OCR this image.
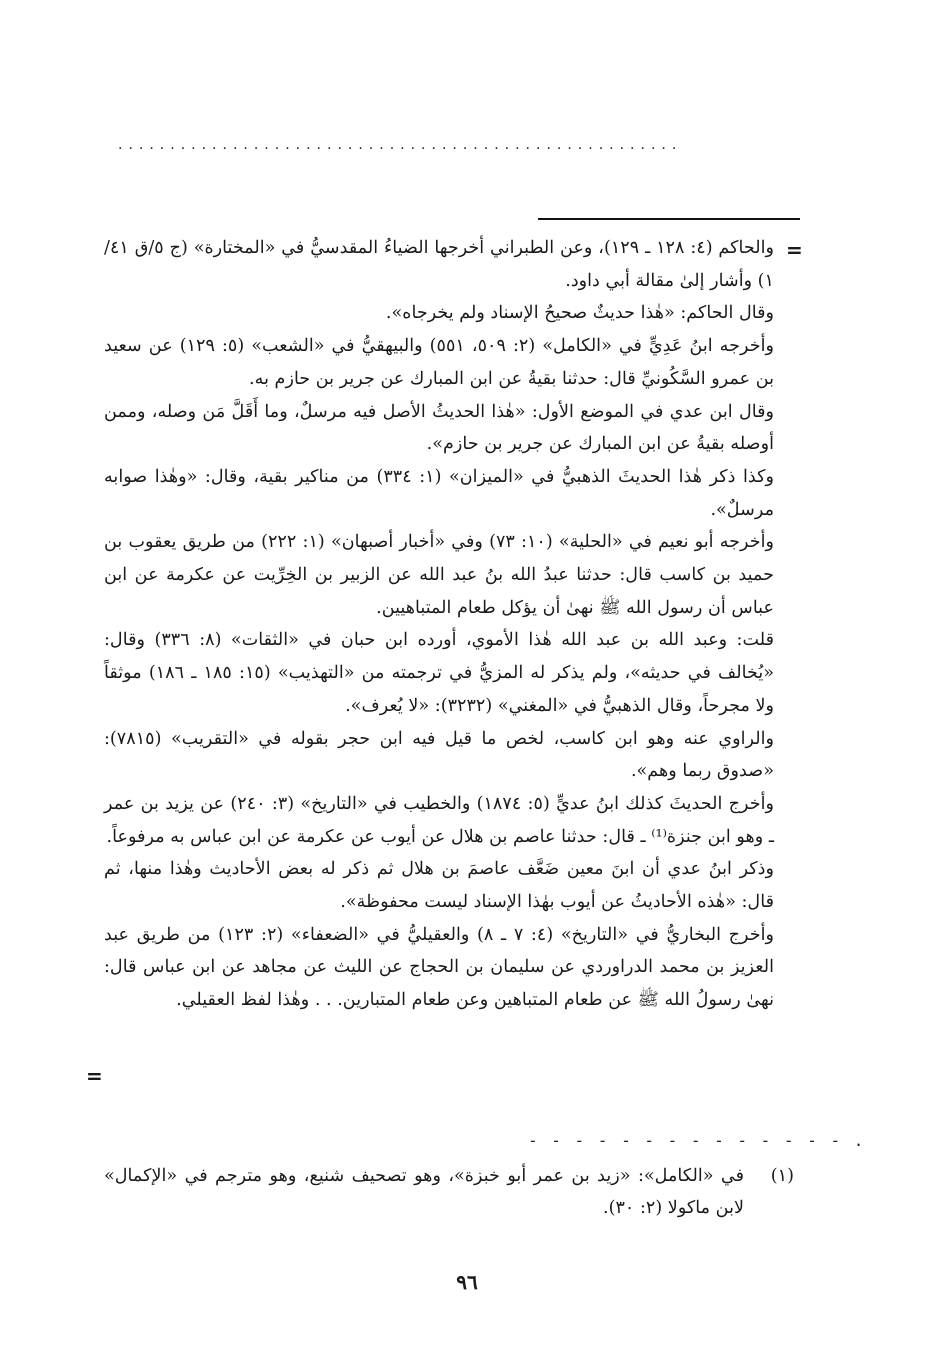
......................................................
=

والحاكم (٤: ١٢٨ ـ ١٢٩)، وعن الطبراني أخرجها الضياءُ المقدسيُّ في «المختارة» (ج ٥/ق ٤١/ ١) وأشار إلىٰ مقالة أبي داود.

وقال الحاكم: «هٰذا حديثٌ صحيحُ الإسناد ولم يخرجاه».

وأخرجه ابنُ عَدِيٍّ في «الكامل» (٢: ٥٠٩، ٥٥١) والبيهقيُّ في «الشعب» (٥: ١٢٩) عن سعيد بن عمرو السَّكُونيِّ قال: حدثنا بقيةُ عن ابن المبارك عن جرير بن حازم به.

وقال ابن عدي في الموضع الأول: «هٰذا الحديثُ الأصل فيه مرسلٌ، وما أَقَلَّ مَن وصله، وممن أوصله بقيةُ عن ابن المبارك عن جرير بن حازم».

وكذا ذكر هٰذا الحديثَ الذهبيُّ في «الميزان» (١: ٣٣٤) من مناكير بقية، وقال: «وهٰذا صوابه مرسلٌ».

وأخرجه أبو نعيم في «الحلية» (١٠: ٧٣) وفي «أخبار أصبهان» (١: ٢٢٢) من طريق يعقوب بن حميد بن كاسب قال: حدثنا عبدُ الله بنُ عبد الله عن الزبير بن الخِرِّيت عن عكرمة عن ابن عباس أن رسول الله ﷺ نهىٰ أن يؤكل طعام المتباهيين.

قلت: وعبد الله بن عبد الله هٰذا الأموي، أورده ابن حبان في «الثقات» (٨: ٣٣٦) وقال: «يُخالف في حديثه»، ولم يذكر له المزيُّ في ترجمته من «التهذيب» (١٥: ١٨٥ ـ ١٨٦) موثقاً ولا مجرحاً، وقال الذهبيُّ في «المغني» (٣٢٣٢): «لا يُعرف».

والراوي عنه وهو ابن كاسب، لخص ما قيل فيه ابن حجر بقوله في «التقريب» (٧٨١٥): «صدوق ربما وهم».

وأخرج الحديثَ كذلك ابنُ عديٍّ (٥: ١٨٧٤) والخطيب في «التاريخ» (٣: ٢٤٠) عن يزيد بن عمر ـ وهو ابن جنزة⁽¹⁾ ـ قال: حدثنا عاصم بن هلال عن أيوب عن عكرمة عن ابن عباس به مرفوعاً.

وذكر ابنُ عدي أن ابنَ معين ضَعَّف عاصمَ بن هلال ثم ذكر له بعض الأحاديث وهٰذا منها، ثم قال: «هٰذه الأحاديثُ عن أيوب بهٰذا الإسناد ليست محفوظة».

وأخرج البخاريُّ في «التاريخ» (٤: ٧ ـ ٨) والعقيليُّ في «الضعفاء» (٢: ١٢٣) من طريق عبد العزيز بن محمد الدراوردي عن سليمان بن الحجاج عن الليث عن مجاهد عن ابن عباس قال: نهىٰ رسولُ الله ﷺ عن طعام المتباهين وعن طعام المتبارين. . . وهٰذا لفظ العقيلي.

=
- - - - - - - - - - - - - - .
(١)
في «الكامل»: «زيد بن عمر أبو خبزة»، وهو تصحيف شنيع، وهو مترجم في «الإكمال» لابن ماكولا (٢: ٣٠).
٩٦
